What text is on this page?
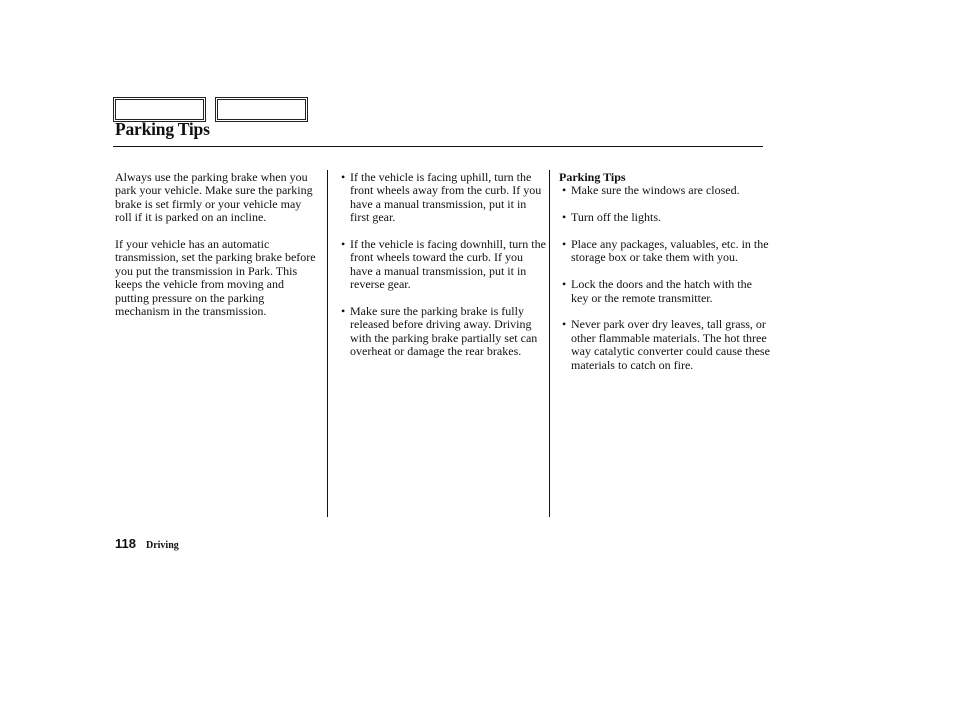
Parking Tips

Always use the parking brake when you park your vehicle. Make sure the parking brake is set firmly or your vehicle may roll if it is parked on an incline.

If your vehicle has an automatic transmission, set the parking brake before you put the transmission in Park. This keeps the vehicle from moving and putting pressure on the parking mechanism in the transmission.

• If the vehicle is facing uphill, turn the front wheels away from the curb. If you have a manual transmission, put it in first gear.
• If the vehicle is facing downhill, turn the front wheels toward the curb. If you have a manual transmission, put it in reverse gear.
• Make sure the parking brake is fully released before driving away. Driving with the parking brake partially set can overheat or damage the rear brakes.

Parking Tips

• Make sure the windows are closed.
• Turn off the lights.
• Place any packages, valuables, etc. in the storage box or take them with you.
• Lock the doors and the hatch with the key or the remote transmitter.
• Never park over dry leaves, tall grass, or other flammable materials. The hot three way catalytic converter could cause these materials to catch on fire.
118 Driving
